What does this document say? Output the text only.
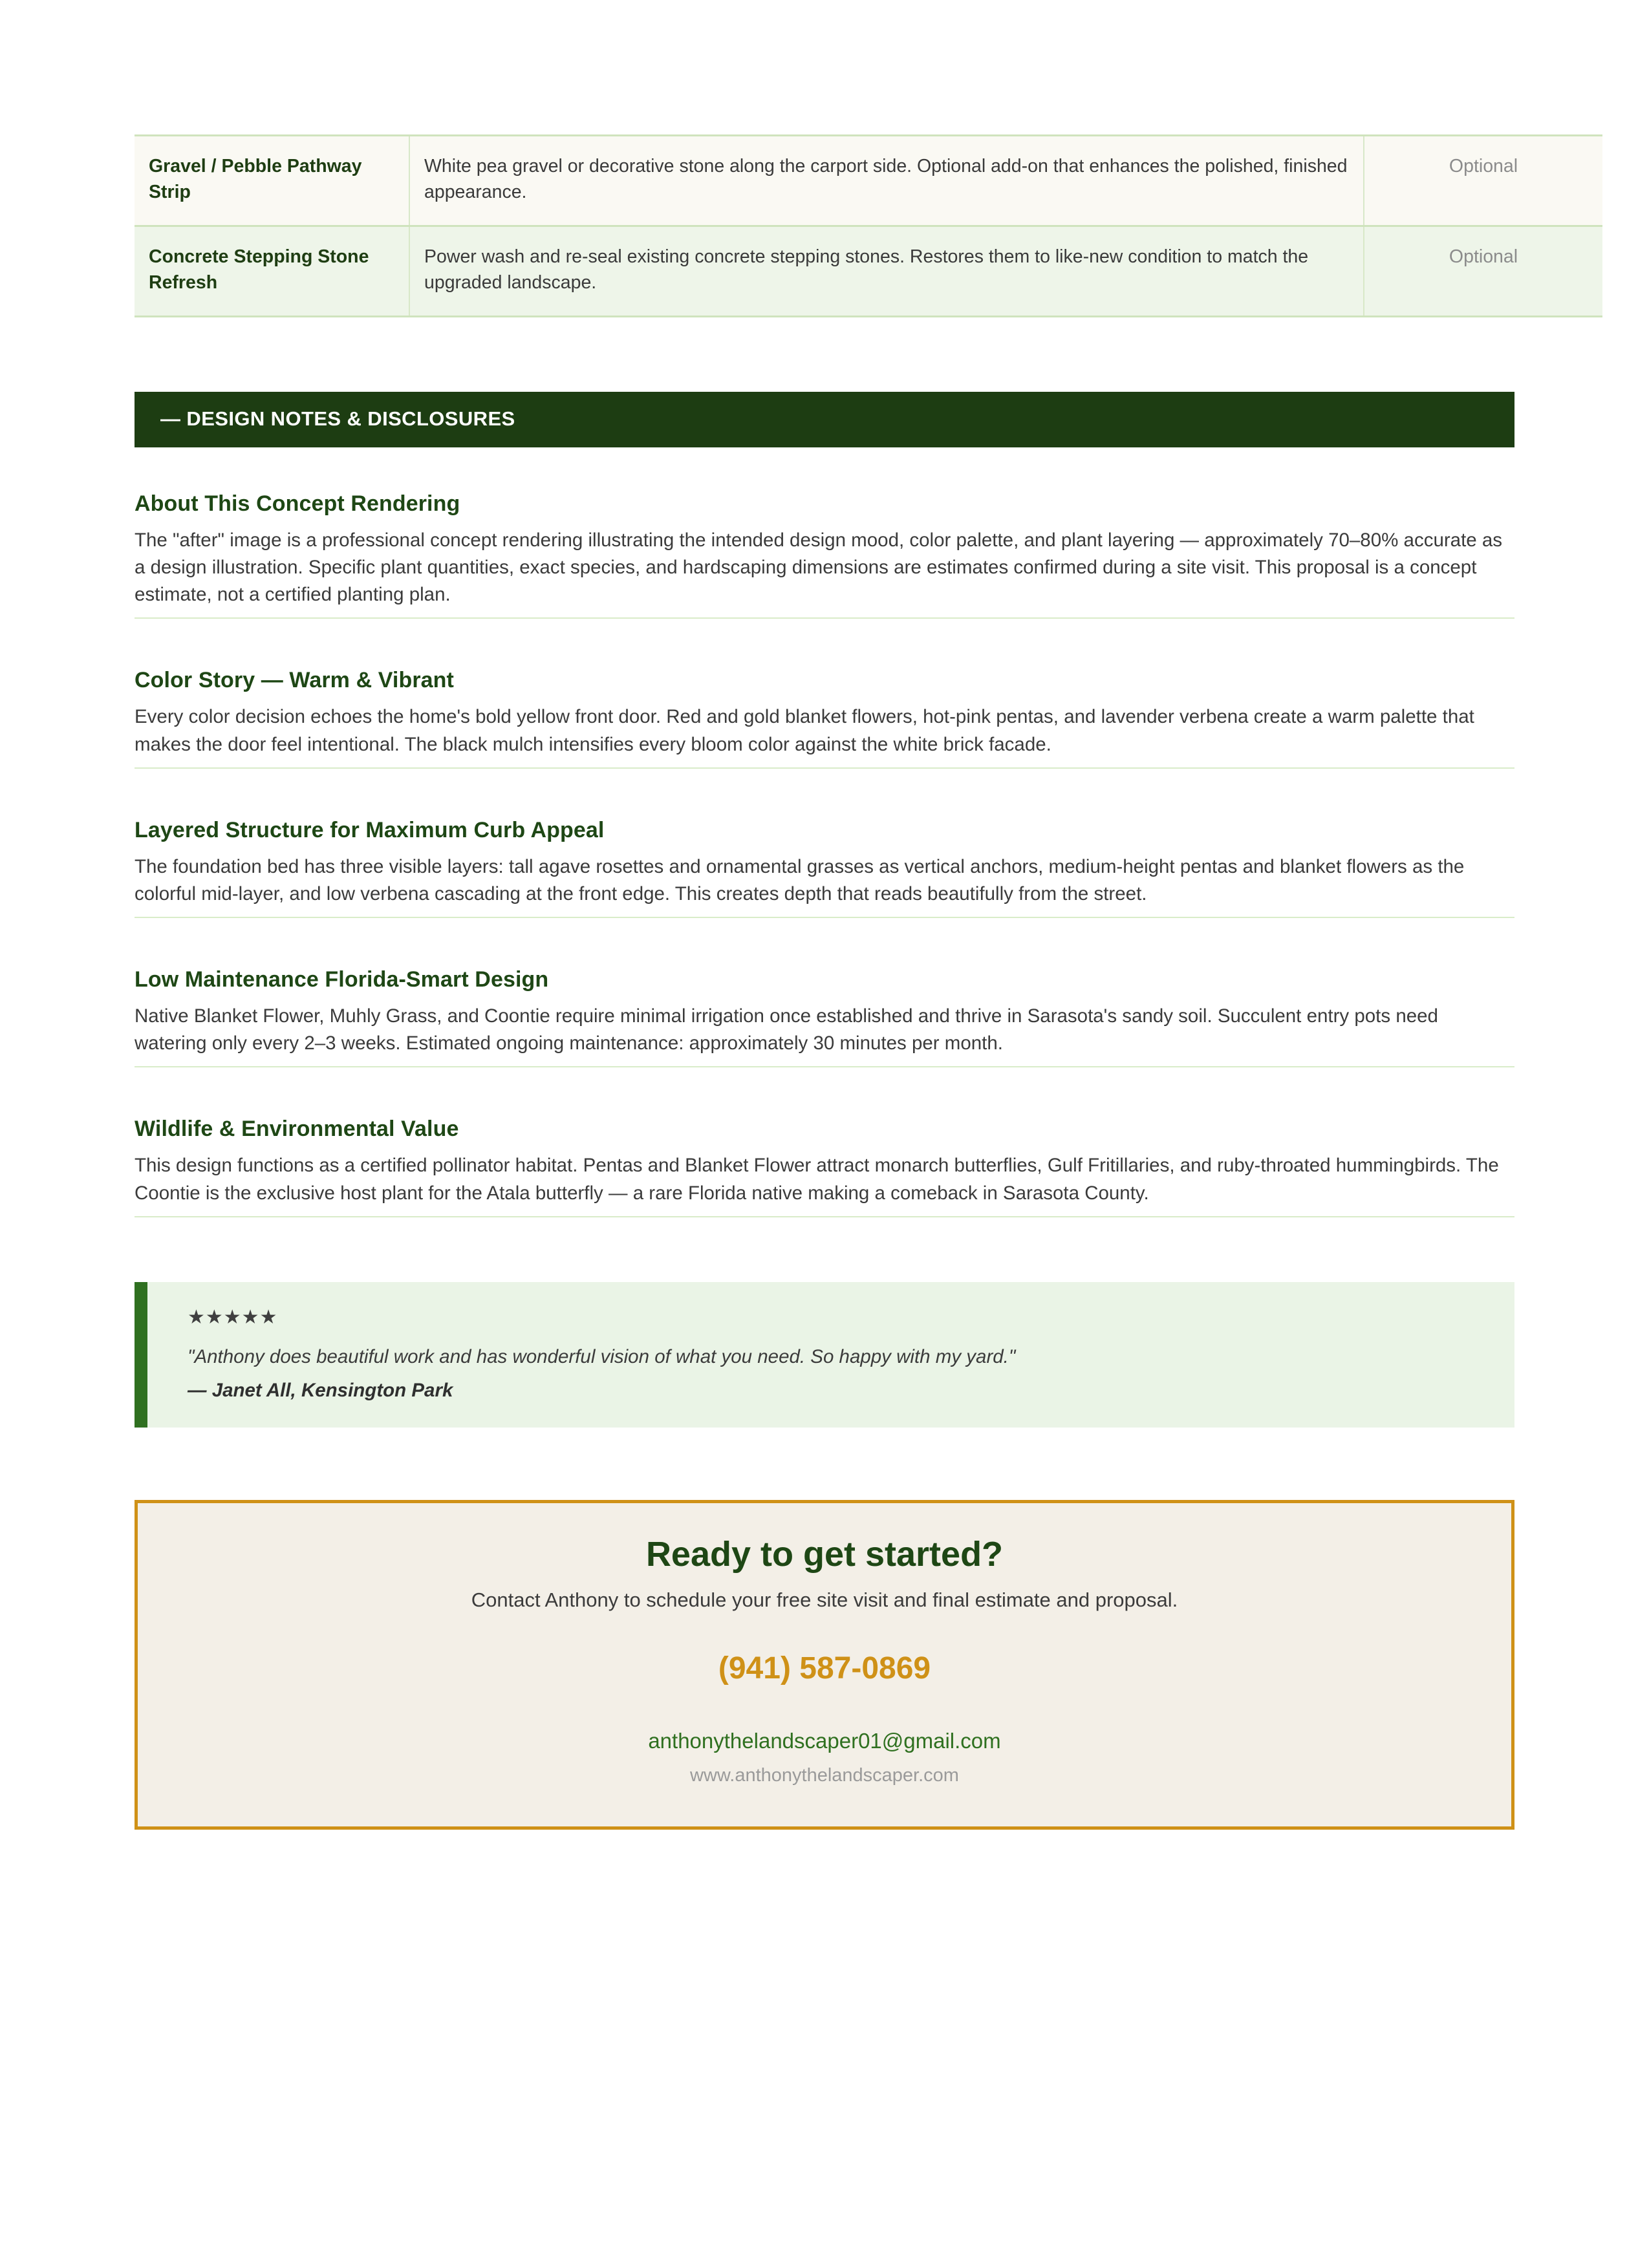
Gravel / Pebble Pathway Strip	White pea gravel or decorative stone along the carport side. Optional add-on that enhances the polished, finished appearance.	Optional
Concrete Stepping Stone Refresh	Power wash and re-seal existing concrete stepping stones. Restores them to like-new condition to match the upgraded landscape.	Optional
— DESIGN NOTES & DISCLOSURES
About This Concept Rendering

The "after" image is a professional concept rendering illustrating the intended design mood, color palette, and plant layering — approximately 70–80% accurate as a design illustration. Specific plant quantities, exact species, and hardscaping dimensions are estimates confirmed during a site visit. This proposal is a concept estimate, not a certified planting plan.

Color Story — Warm & Vibrant

Every color decision echoes the home's bold yellow front door. Red and gold blanket flowers, hot-pink pentas, and lavender verbena create a warm palette that makes the door feel intentional. The black mulch intensifies every bloom color against the white brick facade.

Layered Structure for Maximum Curb Appeal

The foundation bed has three visible layers: tall agave rosettes and ornamental grasses as vertical anchors, medium-height pentas and blanket flowers as the colorful mid-layer, and low verbena cascading at the front edge. This creates depth that reads beautifully from the street.

Low Maintenance Florida-Smart Design

Native Blanket Flower, Muhly Grass, and Coontie require minimal irrigation once established and thrive in Sarasota's sandy soil. Succulent entry pots need watering only every 2–3 weeks. Estimated ongoing maintenance: approximately 30 minutes per month.

Wildlife & Environmental Value

This design functions as a certified pollinator habitat. Pentas and Blanket Flower attract monarch butterflies, Gulf Fritillaries, and ruby-throated hummingbirds. The Coontie is the exclusive host plant for the Atala butterfly — a rare Florida native making a comeback in Sarasota County.

★★★★★

"Anthony does beautiful work and has wonderful vision of what you need. So happy with my yard."

— Janet All, Kensington Park

Ready to get started?
Contact Anthony to schedule your free site visit and final estimate and proposal.
(941) 587-0869
anthonythelandscaper01@gmail.com
www.anthonythelandscaper.com
